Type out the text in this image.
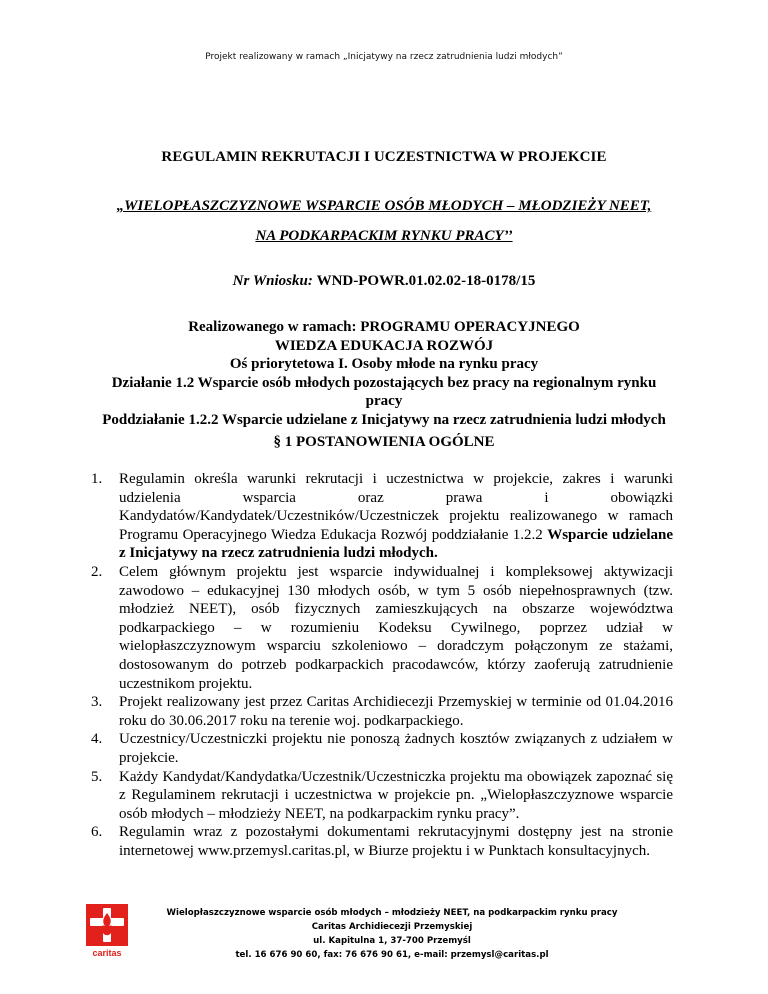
Projekt realizowany w ramach „Inicjatywy na rzecz zatrudnienia ludzi młodych”
REGULAMIN REKRUTACJI I UCZESTNICTWA W PROJEKCIE
„WIELOPŁASZCZYZNOWE WSPARCIE OSÓB MŁODYCH – MŁODZIEŻY NEET,
NA PODKARPACKIM RYNKU PRACY’’
Nr Wniosku: WND-POWR.01.02.02-18-0178/15
Realizowanego w ramach: PROGRAMU OPERACYJNEGO
WIEDZA EDUKACJA ROZWÓJ
Oś priorytetowa I. Osoby młode na rynku pracy
Działanie 1.2 Wsparcie osób młodych pozostających bez pracy na regionalnym rynku
pracy
Poddziałanie 1.2.2 Wsparcie udzielane z Inicjatywy na rzecz zatrudnienia ludzi młodych
§ 1 POSTANOWIENIA OGÓLNE
1. Regulamin określa warunki rekrutacji i uczestnictwa w projekcie, zakres i warunki udzielenia wsparcia oraz prawa i obowiązki Kandydatów/Kandydatek/Uczestników/Uczestniczek projektu realizowanego w ramach Programu Operacyjnego Wiedza Edukacja Rozwój poddziałanie 1.2.2 Wsparcie udzielane z Inicjatywy na rzecz zatrudnienia ludzi młodych.
2. Celem głównym projektu jest wsparcie indywidualnej i kompleksowej aktywizacji zawodowo – edukacyjnej 130 młodych osób, w tym 5 osób niepełnosprawnych (tzw. młodzież NEET), osób fizycznych zamieszkujących na obszarze województwa podkarpackiego – w rozumieniu Kodeksu Cywilnego, poprzez udział w wielopłaszczyznowym wsparciu szkoleniowo – doradczym połączonym ze stażami, dostosowanym do potrzeb podkarpackich pracodawców, którzy zaoferują zatrudnienie uczestnikom projektu.
3. Projekt realizowany jest przez Caritas Archidiecezji Przemyskiej w terminie od 01.04.2016 roku do 30.06.2017 roku na terenie woj. podkarpackiego.
4. Uczestnicy/Uczestniczki projektu nie ponoszą żadnych kosztów związanych z udziałem w projekcie.
5. Każdy Kandydat/Kandydatka/Uczestnik/Uczestniczka projektu ma obowiązek zapoznać się z Regulaminem rekrutacji i uczestnictwa w projekcie pn. „Wielopłaszczyznowe wsparcie osób młodych – młodzieży NEET, na podkarpackim rynku pracy”.
6. Regulamin wraz z pozostałymi dokumentami rekrutacyjnymi dostępny jest na stronie internetowej www.przemysl.caritas.pl, w Biurze projektu i w Punktach konsultacyjnych.
caritas
Wielopłaszczyznowe wsparcie osób młodych – młodzieży NEET, na podkarpackim rynku pracy
Caritas Archidiecezji Przemyskiej
ul. Kapitulna 1, 37-700 Przemyśl
tel. 16 676 90 60, fax: 76 676 90 61, e-mail: przemysl@caritas.pl
